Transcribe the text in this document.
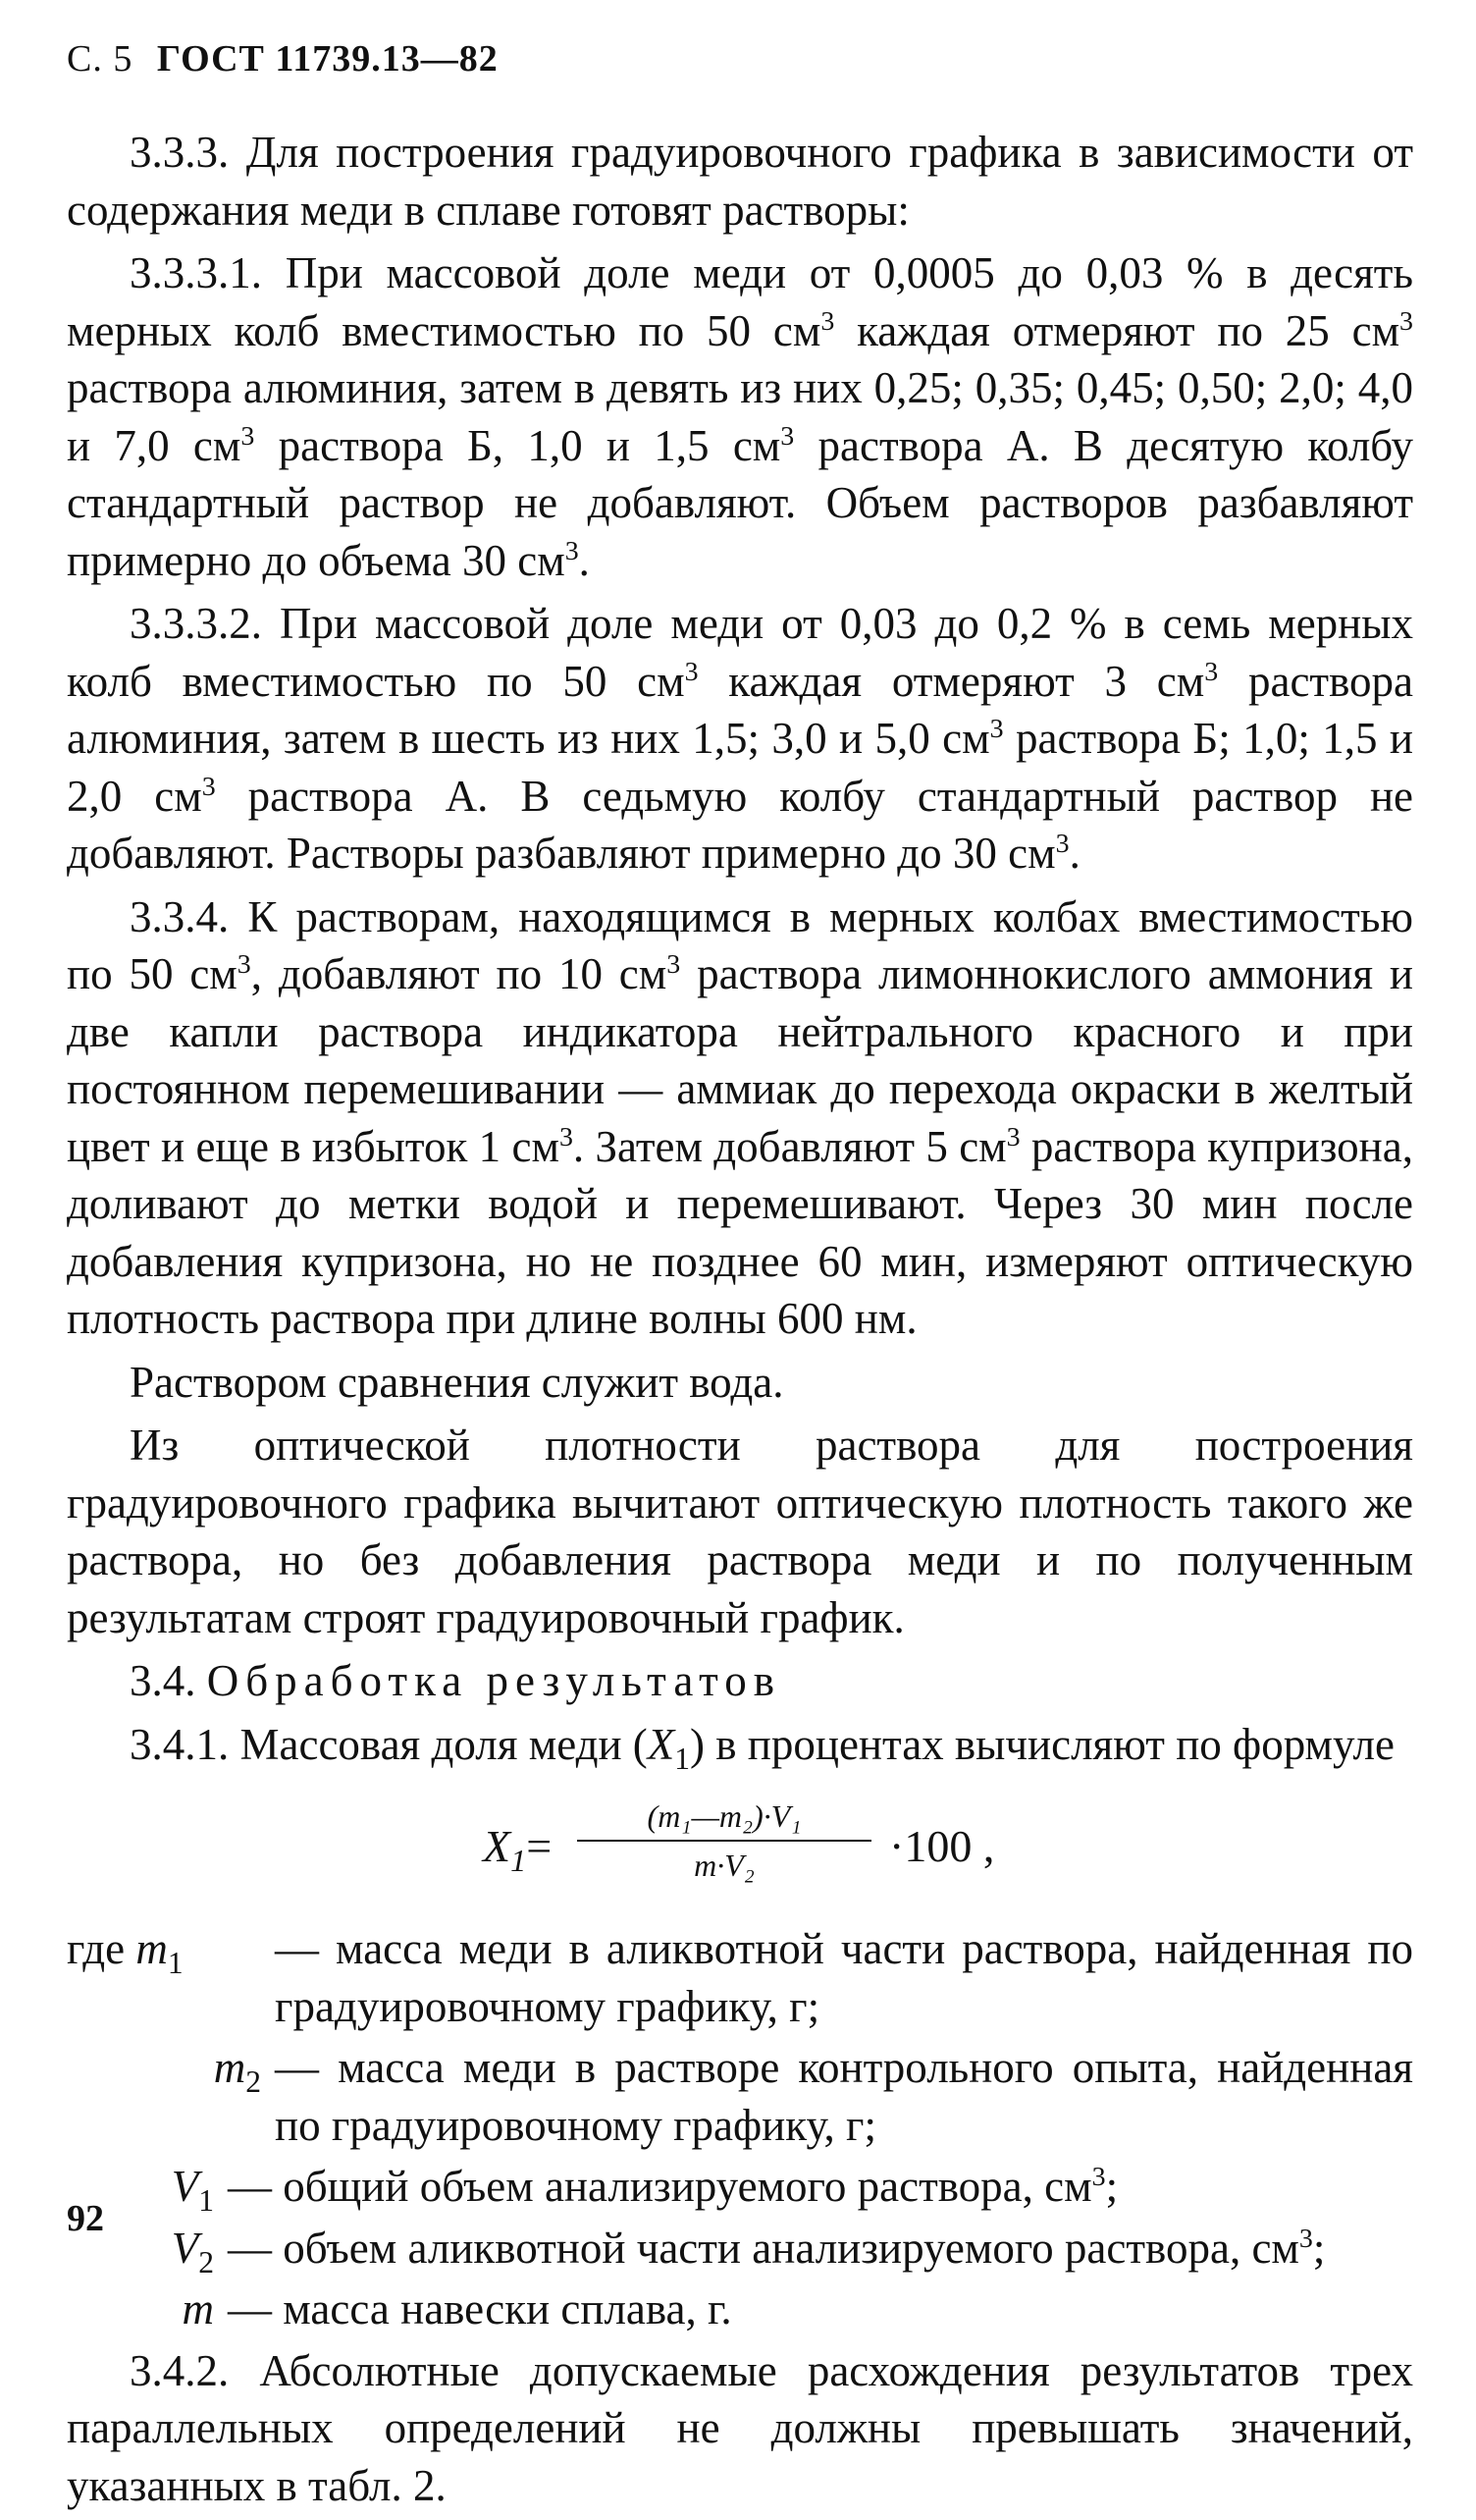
С. 5 ГОСТ 11739.13—82

3.3.3. Для построения градуировочного графика в зависимости от содержания меди в сплаве готовят растворы:

3.3.3.1. При массовой доле меди от 0,0005 до 0,03 % в десять мерных колб вместимостью по 50 $см^3$ каждая отмеряют по 25 $см^3$ раствора алюминия, затем в девять из них 0,25; 0,35; 0,45; 0,50; 2,0; 4,0 и 7,0 $см^3$ раствора Б, 1,0 и 1,5 $см^3$ раствора А. В десятую колбу стандартный раствор не добавляют. Объем растворов разбавляют примерно до объема 30 $см^3$.

3.3.3.2. При массовой доле меди от 0,03 до 0,2 % в семь мерных колб вместимостью по 50 $см^3$ каждая отмеряют 3 $см^3$ раствора алюминия, затем в шесть из них 1,5; 3,0 и 5,0 $см^3$ раствора Б; 1,0; 1,5 и 2,0 $см^3$ раствора А. В седьмую колбу стандартный раствор не добавляют. Растворы разбавляют примерно до 30 $см^3$.

3.3.4. К растворам, находящимся в мерных колбах вместимостью по 50 $см^3$, добавляют по 10 $см^3$ раствора лимоннокислого аммония и две капли раствора индикатора нейтрального красного и при постоянном перемешивании — аммиак до перехода окраски в желтый цвет и еще в избыток 1 $см^3$. Затем добавляют 5 $см^3$ раствора купризона, доливают до метки водой и перемешивают. Через 30 мин после добавления купризона, но не позднее 60 мин, измеряют оптическую плотность раствора при длине волны 600 нм.

Раствором сравнения служит вода.

Из оптической плотности раствора для построения градуировочного графика вычитают оптическую плотность такого же раствора, но без добавления раствора меди и по полученным результатам строят градуировочный график.

3.4. Обработка результатов

3.4.1. Массовая доля меди $(X_1)$ в процентах вычисляют по формуле

$X_1=$
(m₁—m₂)·V₁
m·V₂	·100 ,
где $m_1$	— масса меди в аликвотной части раствора, найденная по градуировочному графику, г;
$m_2$ — масса меди в растворе контрольного опыта, найденная по градуировочному графику, г;
$V_1$ — общий объем анализируемого раствора, $см^3$;
$V_2$ — объем аликвотной части анализируемого раствора, $см^3$;
m — масса навески сплава, г.

3.4.2. Абсолютные допускаемые расхождения результатов трех параллельных определений не должны превышать значений, указанных в табл. 2.

92
